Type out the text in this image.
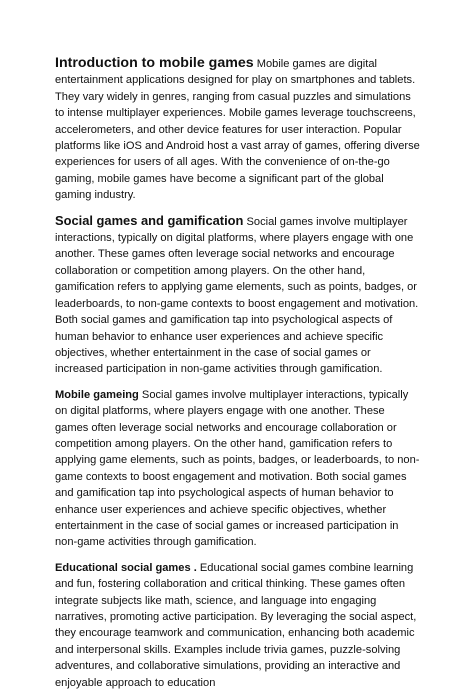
Introduction to mobile games Mobile games are digital entertainment applications designed for play on smartphones and tablets. They vary widely in genres, ranging from casual puzzles and simulations to intense multiplayer experiences. Mobile games leverage touchscreens, accelerometers, and other device features for user interaction. Popular platforms like iOS and Android host a vast array of games, offering diverse experiences for users of all ages. With the convenience of on-the-go gaming, mobile games have become a significant part of the global gaming industry.

Social games and gamification Social games involve multiplayer interactions, typically on digital platforms, where players engage with one another. These games often leverage social networks and encourage collaboration or competition among players. On the other hand, gamification refers to applying game elements, such as points, badges, or leaderboards, to non-game contexts to boost engagement and motivation. Both social games and gamification tap into psychological aspects of human behavior to enhance user experiences and achieve specific objectives, whether entertainment in the case of social games or increased participation in non-game activities through gamification.

Mobile gameing Social games involve multiplayer interactions, typically on digital platforms, where players engage with one another. These games often leverage social networks and encourage collaboration or competition among players. On the other hand, gamification refers to applying game elements, such as points, badges, or leaderboards, to non-game contexts to boost engagement and motivation. Both social games and gamification tap into psychological aspects of human behavior to enhance user experiences and achieve specific objectives, whether entertainment in the case of social games or increased participation in non-game activities through gamification.

Educational social games . Educational social games combine learning and fun, fostering collaboration and critical thinking. These games often integrate subjects like math, science, and language into engaging narratives, promoting active participation. By leveraging the social aspect, they encourage teamwork and communication, enhancing both academic and interpersonal skills. Examples include trivia games, puzzle-solving adventures, and collaborative simulations, providing an interactive and enjoyable approach to education
